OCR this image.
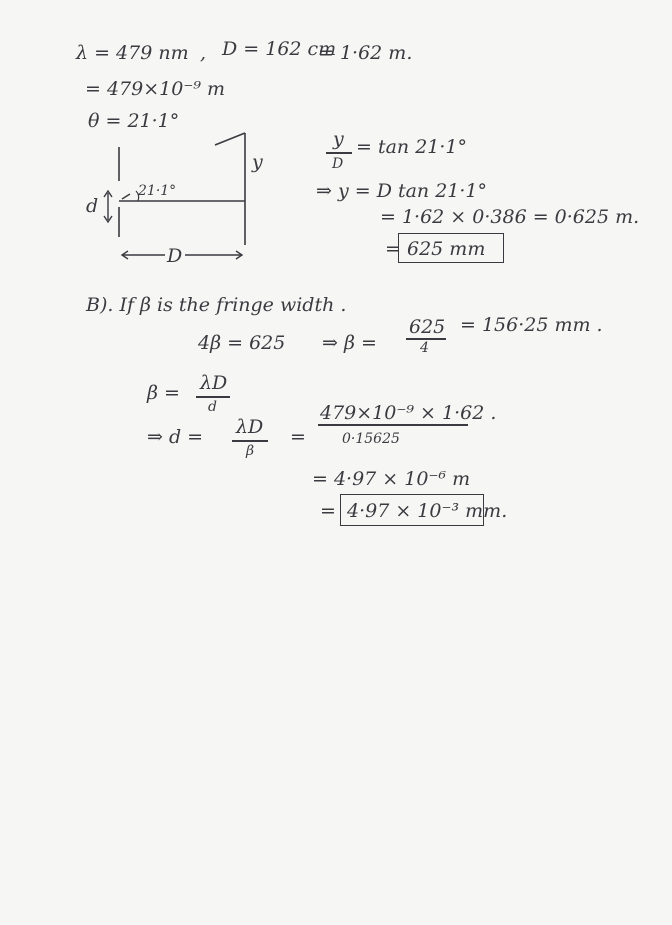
λ = 479 nm , D = 162 cm
= 1·62 m.
= 479×10⁻⁹ m
θ = 21·1°
y
d
21·1°
D
y
D
= tan 21·1°
⇒ y = D tan 21·1°
= 1·62 × 0·386 = 0·625 m.
= 625 mm
B). If β is the fringe width .
4β = 625 ⇒ β =
625
4
= 156·25 mm .
β = λD
d
⇒ d = λD
β
=
479×10⁻⁹ × 1·62 .
0·15625
= 4·97 × 10⁻⁶ m
= 4·97 × 10⁻³ mm.
